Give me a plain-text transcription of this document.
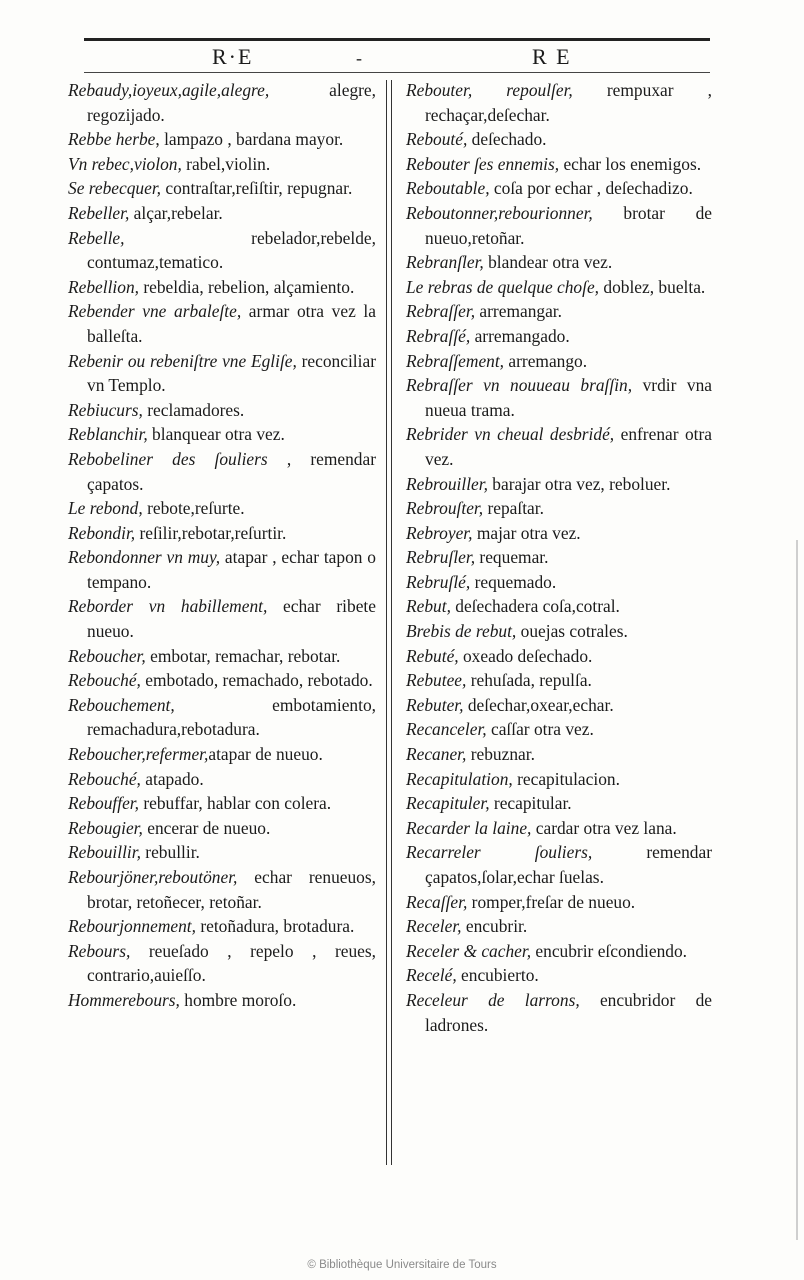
R·E	-	R E

Rebaudy,ioyeux,agile,alegre, alegre, regozijado.

Rebbe herbe, lampazo , bardana mayor.

Vn rebec,violon, rabel,violin.

Se rebecquer, contraſtar,reſiſtir, repugnar.

Rebeller, alçar,rebelar.

Rebelle, rebelador,rebelde, contumaz,tematico.

Rebellion, rebeldia, rebelion, alçamiento.

Rebender vne arbaleſte, armar otra vez la balleſta.

Rebenir ou rebeniſtre vne Egliſe, reconciliar vn Templo.

Rebiucurs, reclamadores.

Reblanchir, blanquear otra vez.

Rebobeliner des ſouliers , remendar çapatos.

Le rebond, rebote,reſurte.

Rebondir, reſilir,rebotar,reſurtir.

Rebondonner vn muy, atapar , echar tapon o tempano.

Reborder vn habillement, echar ribete nueuo.

Reboucher, embotar, remachar, rebotar.

Rebouché, embotado, remachado, rebotado.

Rebouchement, embotamiento, remachadura,rebotadura.

Reboucher,refermer,atapar de nueuo.

Rebouché, atapado.

Rebouffer, rebuffar, hablar con colera.

Rebougier, encerar de nueuo.

Rebouillir, rebullir.

Rebourjöner,reboutöner, echar renueuos, brotar, retoñecer, retoñar.

Rebourjonnement, retoñadura, brotadura.

Rebours, reueſado , repelo , reues, contrario,auieſſo.

Hommerebours, hombre moroſo.

Rebouter, repoulſer, rempuxar , rechaçar,deſechar.

Rebouté, deſechado.

Rebouter ſes ennemis, echar los enemigos.

Reboutable, coſa por echar , deſechadizo.

Reboutonner,rebourionner, brotar de nueuo,retoñar.

Rebranſler, blandear otra vez.

Le rebras de quelque choſe, doblez, buelta.

Rebraſſer, arremangar.

Rebraſſé, arremangado.

Rebraſſement, arremango.

Rebraſſer vn nouueau braſſin, vrdir vna nueua trama.

Rebrider vn cheual desbridé, enfrenar otra vez.

Rebrouiller, barajar otra vez, reboluer.

Rebrouſter, repaſtar.

Rebroyer, majar otra vez.

Rebruſler, requemar.

Rebruſlé, requemado.

Rebut, deſechadera coſa,cotral.

Brebis de rebut, ouejas cotrales.

Rebuté, oxeado deſechado.

Rebutee, rehuſada, repulſa.

Rebuter, deſechar,oxear,echar.

Recanceler, caſſar otra vez.

Recaner, rebuznar.

Recapitulation, recapitulacion.

Recapituler, recapitular.

Recarder la laine, cardar otra vez lana.

Recarreler ſouliers, remendar çapatos,ſolar,echar ſuelas.

Recaſſer, romper,freſar de nueuo.

Receler, encubrir.

Receler & cacher, encubrir eſcondiendo.

Recelé, encubierto.

Receleur de larrons, encubridor de ladrones.

© Bibliothèque Universitaire de Tours
